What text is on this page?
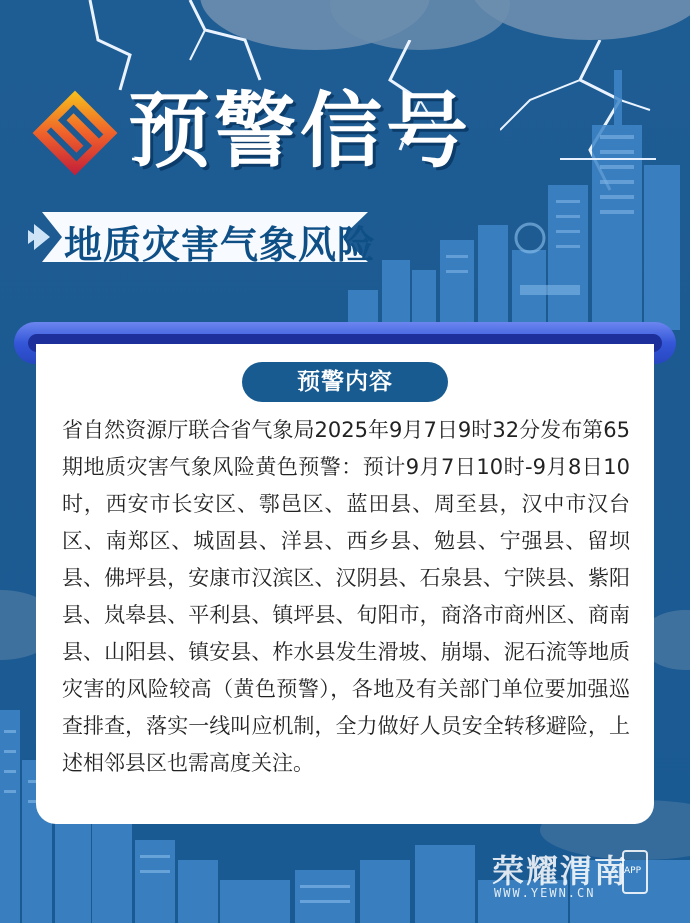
预警信号
地质灾害气象风险
预警内容

省自然资源厅联合省气象局2025年9月7日9时32分发布第65期地质灾害气象风险黄色预警：预计9月7日10时-9月8日10时，西安市长安区、鄠邑区、蓝田县、周至县，汉中市汉台区、南郑区、城固县、洋县、西乡县、勉县、宁强县、留坝县、佛坪县，安康市汉滨区、汉阴县、石泉县、宁陕县、紫阳县、岚皋县、平利县、镇坪县、旬阳市，商洛市商州区、商南县、山阳县、镇安县、柞水县发生滑坡、崩塌、泥石流等地质灾害的风险较高（黄色预警），各地及有关部门单位要加强巡查排查，落实一线叫应机制，全力做好人员安全转移避险，上述相邻县区也需高度关注。

荣耀渭南
WWW.YEWN.CN
APP
